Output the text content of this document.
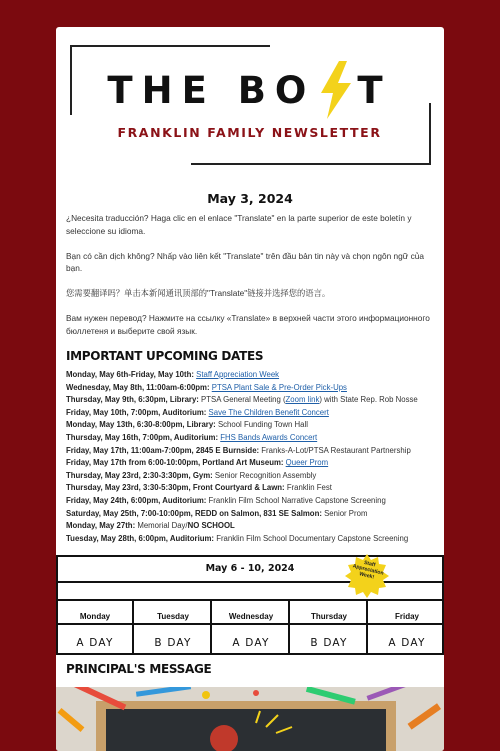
THE BO T
FRANKLIN FAMILY NEWSLETTER
May 3, 2024

¿Necesita traducción? Haga clic en el enlace "Translate" en la parte superior de este boletín y seleccione su idioma.

Bạn có cần dịch không? Nhấp vào liên kết "Translate" trên đầu bản tin này và chọn ngôn ngữ của bạn.

您需要翻译吗？单击本新闻通讯顶部的"Translate"链接并选择您的语言。

Вам нужен перевод? Нажмите на ссылку «Translate» в верхней части этого информационного бюллетеня и выберите свой язык.

IMPORTANT UPCOMING DATES
Monday, May 6th-Friday, May 10th: Staff Appreciation Week
Wednesday, May 8th, 11:00am-6:00pm: PTSA Plant Sale & Pre-Order Pick-Ups
Thursday, May 9th, 6:30pm, Library: PTSA General Meeting (Zoom link) with State Rep. Rob Nosse
Friday, May 10th, 7:00pm, Auditorium: Save The Children Benefit Concert
Monday, May 13th, 6:30-8:00pm, Library: School Funding Town Hall
Thursday, May 16th, 7:00pm, Auditorium: FHS Bands Awards Concert
Friday, May 17th, 11:00am-7:00pm, 2845 E Burnside: Franks-A-Lot/PTSA Restaurant Partnership
Friday, May 17th from 6:00-10:00pm, Portland Art Museum: Queer Prom
Thursday, May 23rd, 2:30-3:30pm, Gym: Senior Recognition Assembly
Thursday, May 23rd, 3:30-5:30pm, Front Courtyard & Lawn: Franklin Fest
Friday, May 24th, 6:00pm, Auditorium: Franklin Film School Narrative Capstone Screening
Saturday, May 25th, 7:00-10:00pm, REDD on Salmon, 831 SE Salmon: Senior Prom
Monday, May 27th: Memorial Day/NO SCHOOL
Tuesday, May 28th, 6:00pm, Auditorium: Franklin Film School Documentary Capstone Screening
May 6 - 10, 2024
Monday
A DAY
Tuesday
B DAY
Wednesday
A DAY
Thursday
B DAY
Friday
A DAY
Staff Appreciation Week!
PRINCIPAL'S MESSAGE
